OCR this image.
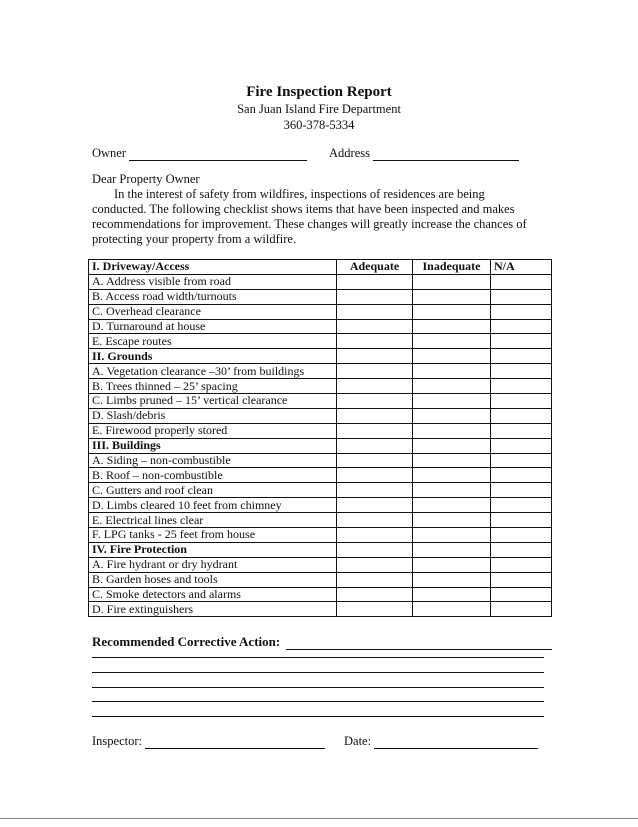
Fire Inspection Report
San Juan Island Fire Department
360-378-5334
Owner	Address

Dear Property Owner

In the interest of safety from wildfires, inspections of residences are being conducted. The following checklist shows items that have been inspected and makes recommendations for improvement. These changes will greatly increase the chances of protecting your property from a wildfire.

I. Driveway/Access	Adequate	Inadequate	N/A
A. Address visible from road			
B. Access road width/turnouts			
C. Overhead clearance			
D. Turnaround at house			
E. Escape routes			
II. Grounds			
A. Vegetation clearance –30’ from buildings			
B. Trees thinned – 25’ spacing			
C. Limbs pruned – 15’ vertical clearance			
D. Slash/debris			
E. Firewood properly stored			
III. Buildings			
A. Siding – non-combustible			
B. Roof – non-combustible			
C. Gutters and roof clean			
D. Limbs cleared 10 feet from chimney			
E. Electrical lines clear			
F. LPG tanks - 25 feet from house			
IV. Fire Protection			
A. Fire hydrant or dry hydrant			
B. Garden hoses and tools			
C. Smoke detectors and alarms			
D. Fire extinguishers			
Recommended Corrective Action:
Inspector:	Date:
